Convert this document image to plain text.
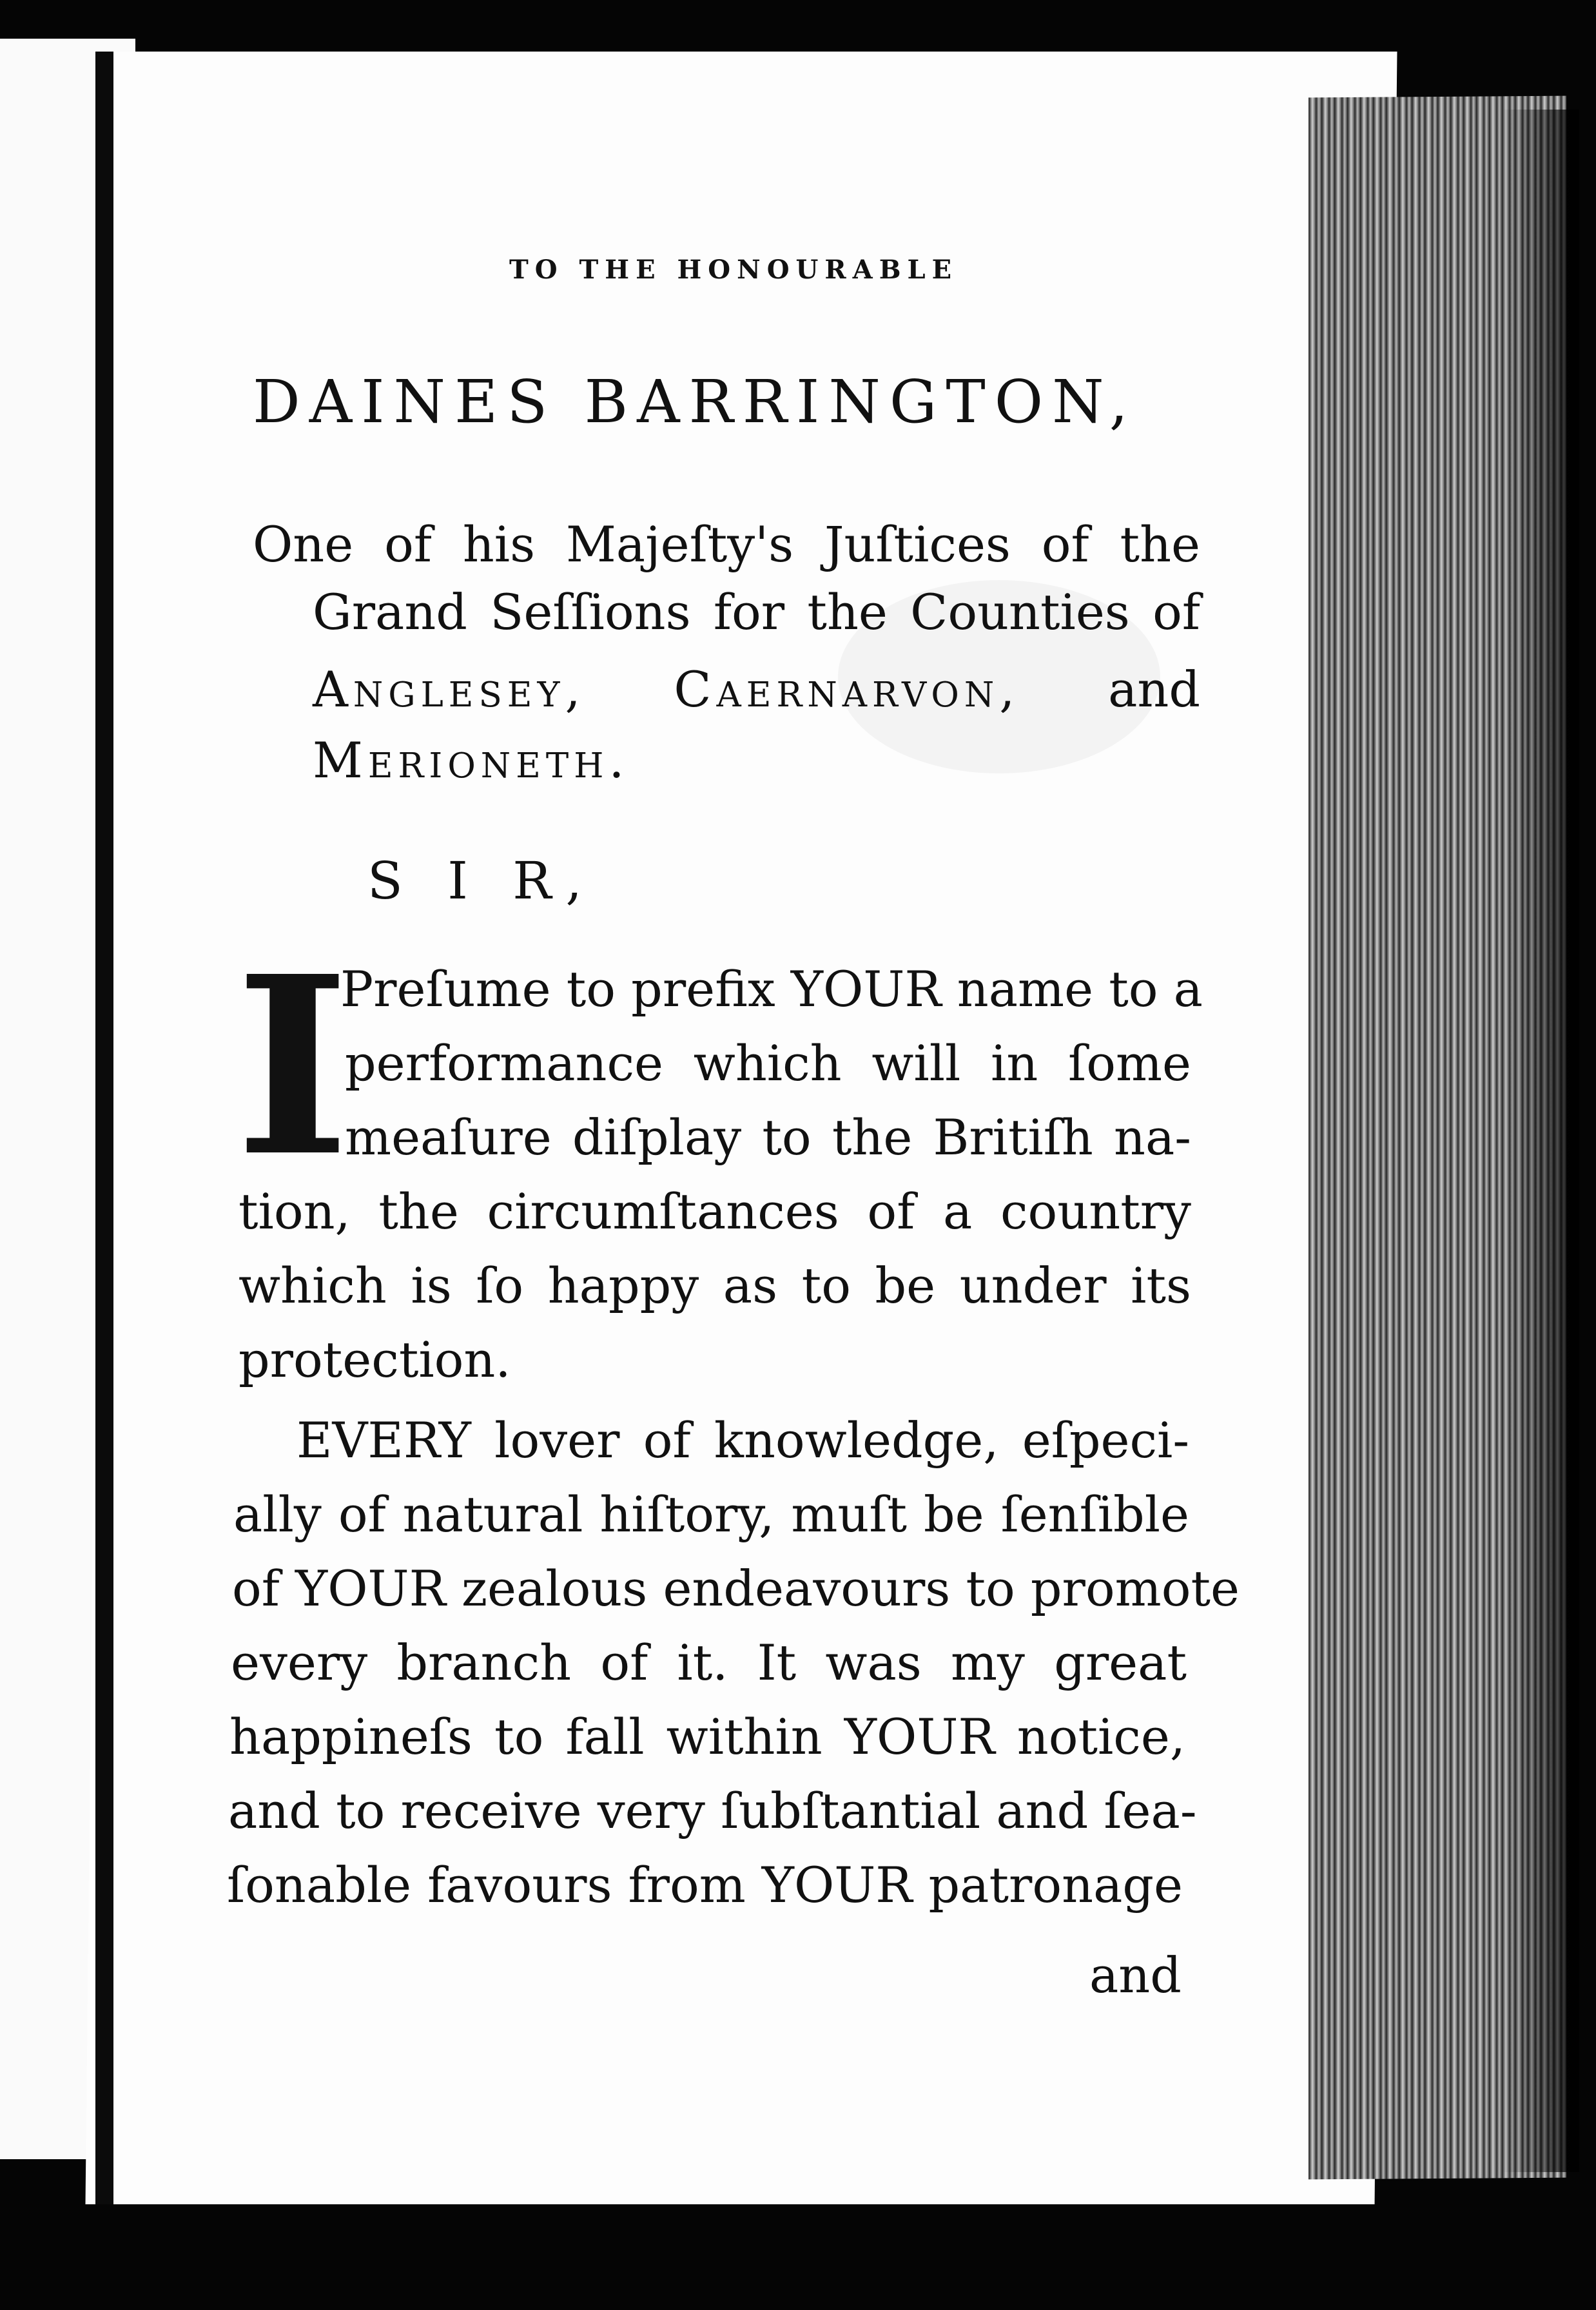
TO THE HONOURABLE
DAINES BARRINGTON,
One of his Majeſty's Juſtices of the
Grand Seſſions for the Counties of
Anglesey, Caernarvon, and
Merioneth.
S I R,
I
Preſume to prefix YOUR name to a
performance which will in ſome
meaſure diſplay to the Britiſh na-
tion, the circumſtances of a country
which is ſo happy as to be under its
protection.
EVERY lover of knowledge, eſpeci-
ally of natural hiſtory, muſt be ſenſible
of YOUR zealous endeavours to promote
every branch of it. It was my great
happineſs to fall within YOUR notice,
and to receive very ſubſtantial and ſea-
ſonable favours from YOUR patronage
and
